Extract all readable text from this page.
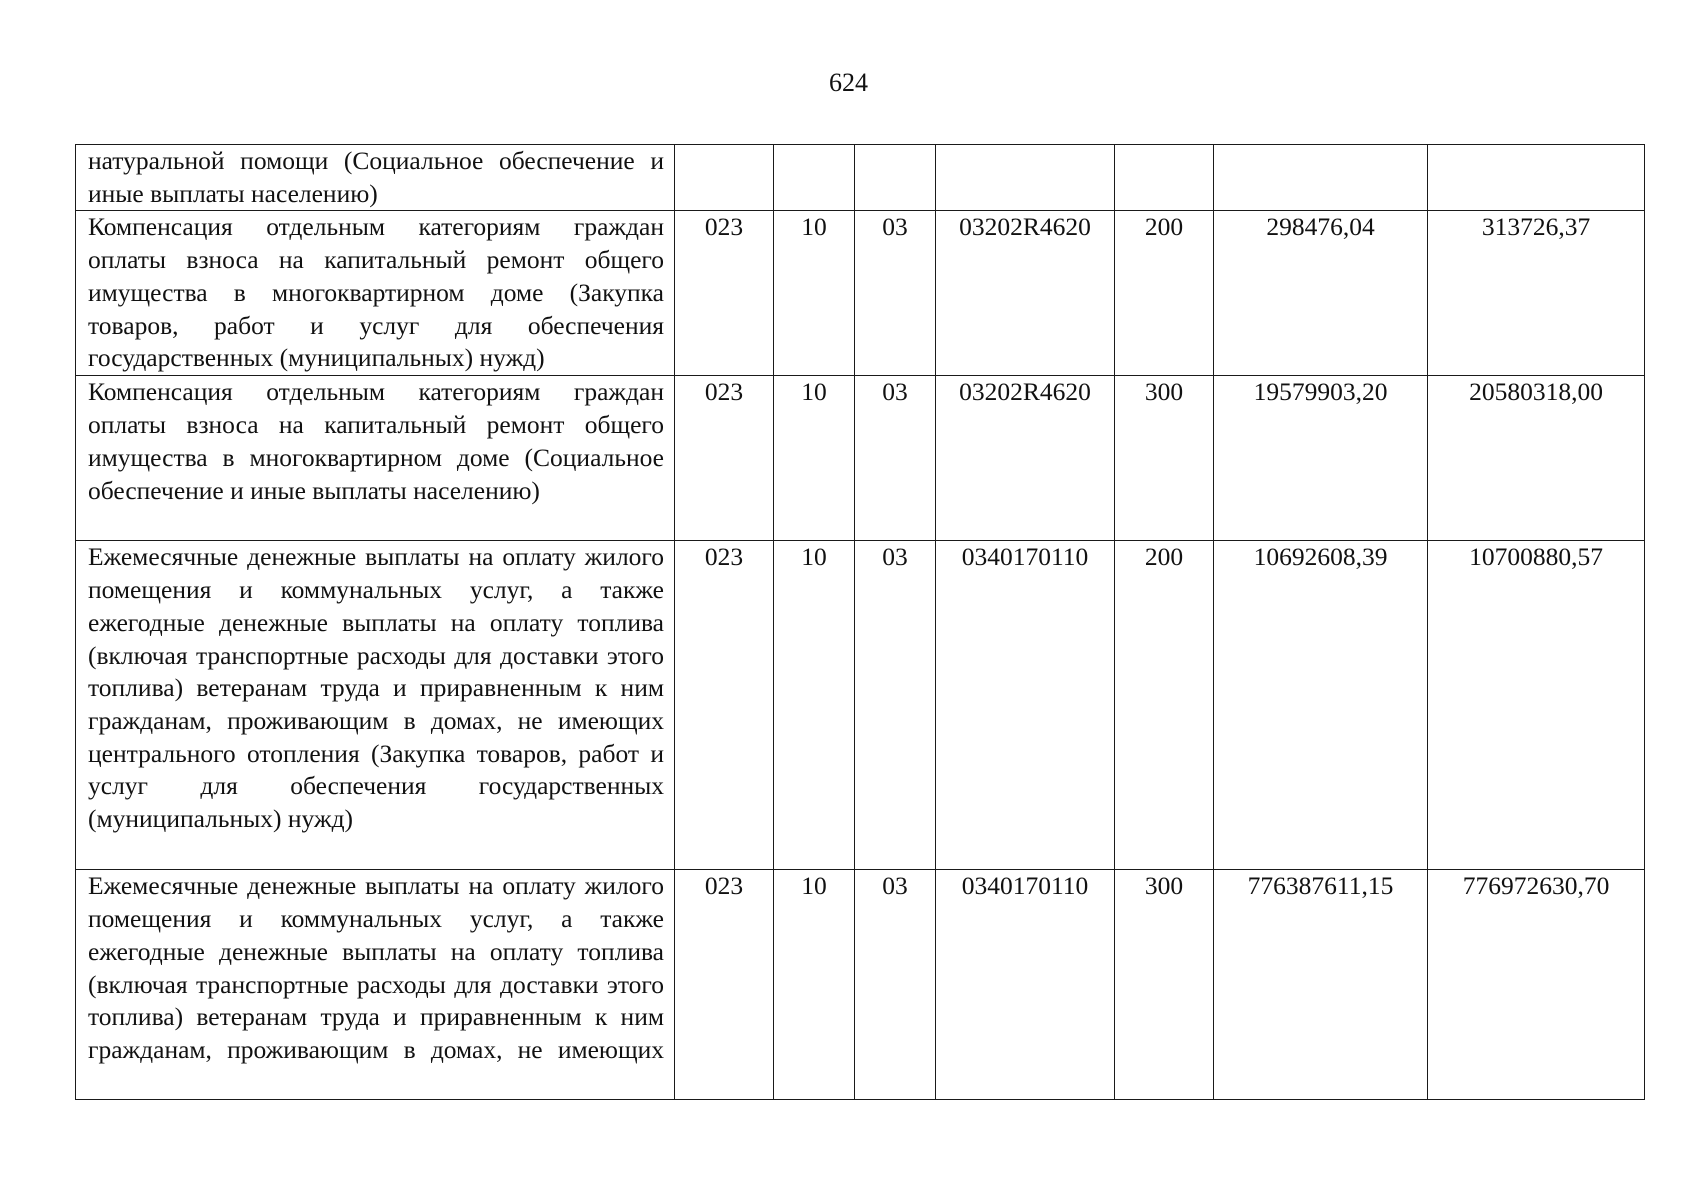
624
натуральной помощи (Социальное обеспечение и иные выплаты населению)							
Компенсация отдельным категориям граждан оплаты взноса на капитальный ремонт общего имущества в многоквартирном доме (Закупка товаров, работ и услуг для обеспечения государственных (муниципальных) нужд)	023	10	03	03202R4620	200	298476,04	313726,37
Компенсация отдельным категориям граждан оплаты взноса на капитальный ремонт общего имущества в многоквартирном доме (Социальное обеспечение и иные выплаты населению)	023	10	03	03202R4620	300	19579903,20	20580318,00
Ежемесячные денежные выплаты на оплату жилого помещения и коммунальных услуг, а также ежегодные денежные выплаты на оплату топлива (включая транспортные расходы для доставки этого топлива) ветеранам труда и приравненным к ним гражданам, проживающим в домах, не имеющих центрального отопления (Закупка товаров, работ и услуг для обеспечения государственных (муниципальных) нужд)	023	10	03	0340170110	200	10692608,39	10700880,57
Ежемесячные денежные выплаты на оплату жилого помещения и коммунальных услуг, а также ежегодные денежные выплаты на оплату топлива (включая транспортные расходы для доставки этого топлива) ветеранам труда и приравненным к ним гражданам, проживающим в домах, не имеющих	023	10	03	0340170110	300	776387611,15	776972630,70
